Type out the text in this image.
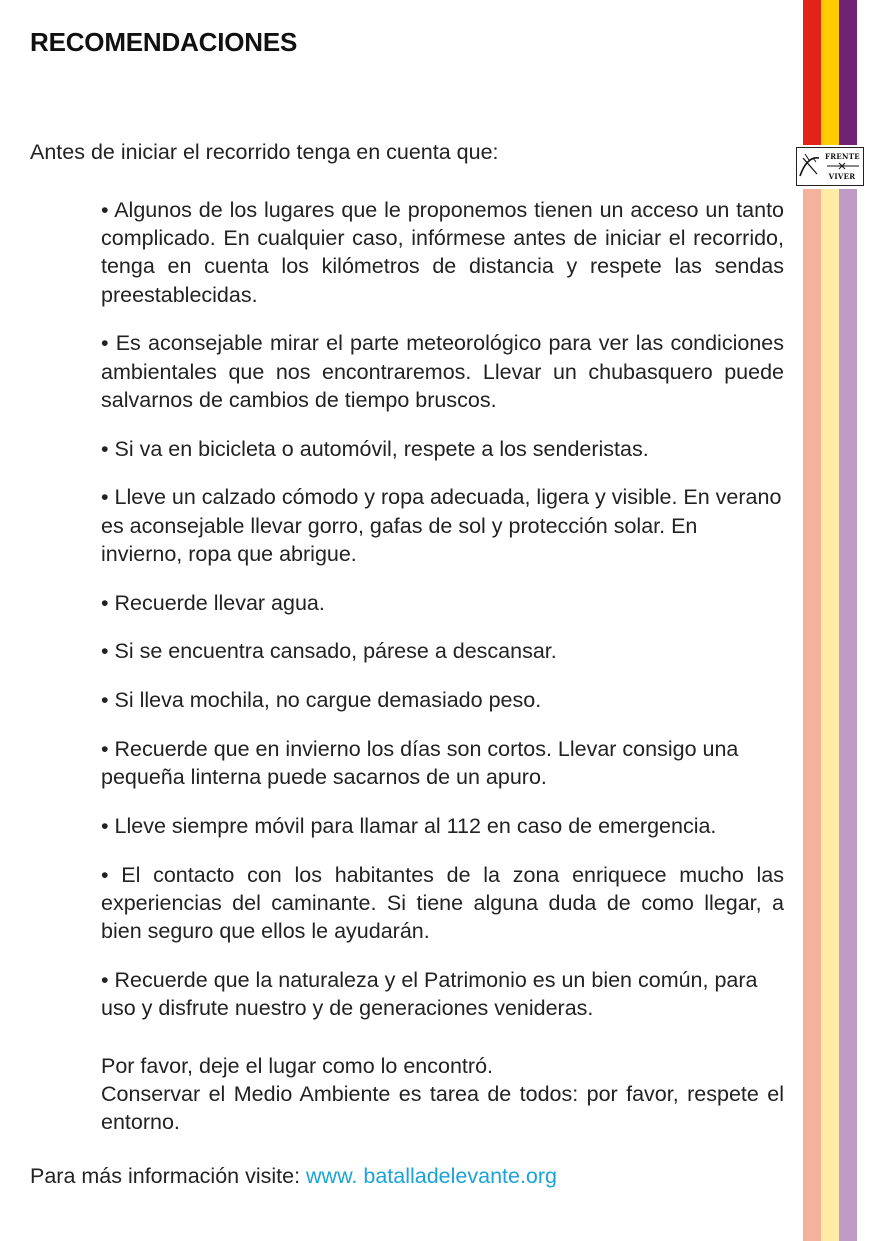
FRENTE
VIVER
RECOMENDACIONES

Antes de iniciar el recorrido tenga en cuenta que:

• Algunos de los lugares que le proponemos tienen un acceso un tanto complicado. En cualquier caso, infórmese antes de iniciar el recorrido, tenga en cuenta los kilómetros de distancia y respete las sendas preestablecidas.
• Es aconsejable mirar el parte meteorológico para ver las condiciones ambientales que nos encontraremos. Llevar un chubasquero puede salvarnos de cambios de tiempo bruscos.
• Si va en bicicleta o automóvil, respete a los senderistas.
• Lleve un calzado cómodo y ropa adecuada, ligera y visible. En verano es aconsejable llevar gorro, gafas de sol y protección solar. En invierno, ropa que abrigue.
• Recuerde llevar agua.
• Si se encuentra cansado, párese a descansar.
• Si lleva mochila, no cargue demasiado peso.
• Recuerde que en invierno los días son cortos. Llevar consigo una pequeña linterna puede sacarnos de un apuro.
• Lleve siempre móvil para llamar al 112 en caso de emergencia.
• El contacto con los habitantes de la zona enriquece mucho las experiencias del caminante. Si tiene alguna duda de como llegar, a bien seguro que ellos le ayudarán.
• Recuerde que la naturaleza y el Patrimonio es un bien común, para uso y disfrute nuestro y de generaciones venideras.

Por favor, deje el lugar como lo encontró.

Conservar el Medio Ambiente es tarea de todos: por favor, respete el entorno.

Para más información visite: www. batalladelevante.org
